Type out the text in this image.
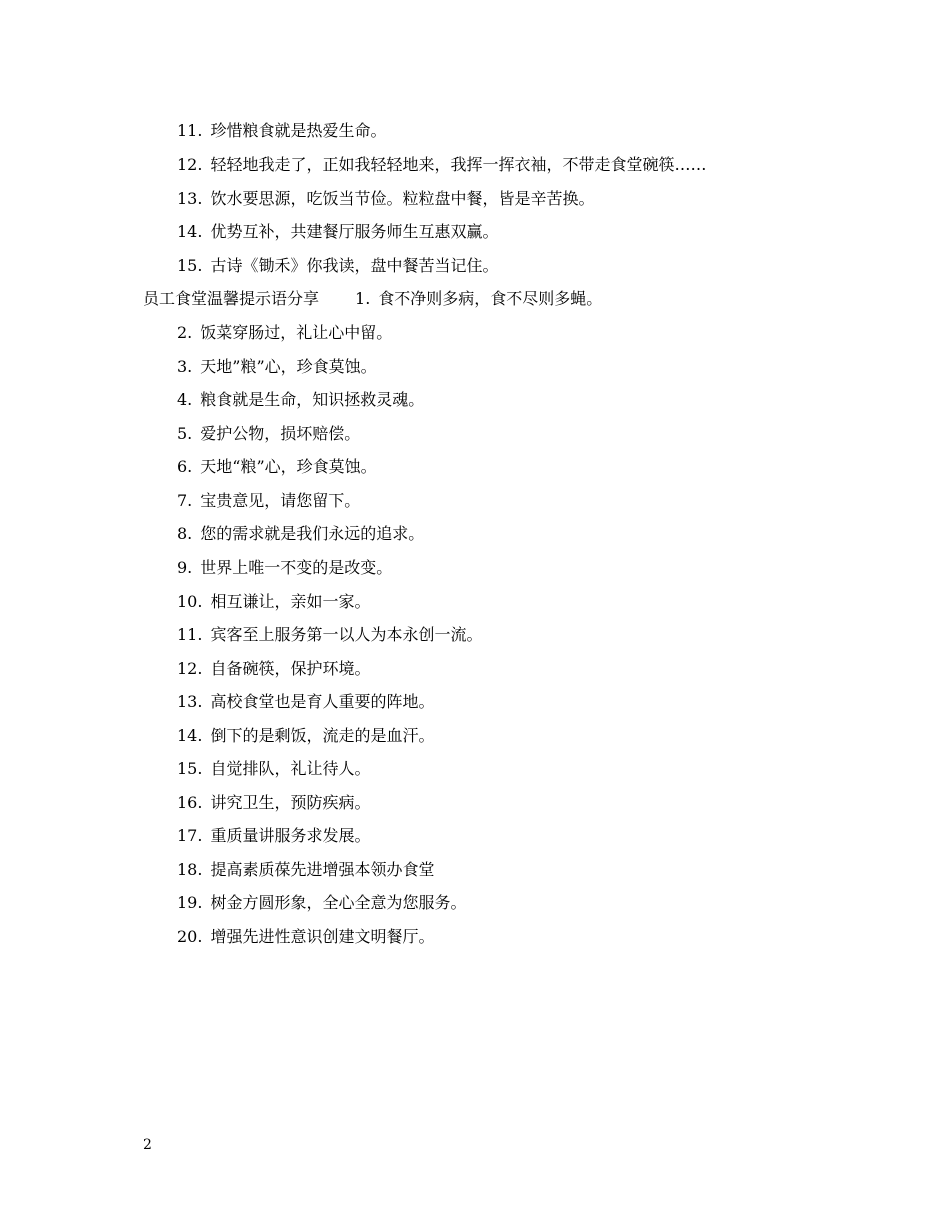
11. 珍惜粮食就是热爱生命。
12. 轻轻地我走了，正如我轻轻地来，我挥一挥衣袖，不带走食堂碗筷……
13. 饮水要思源，吃饭当节俭。粒粒盘中餐，皆是辛苦换。
14. 优势互补，共建餐厅服务师生互惠双赢。
15. 古诗《锄禾》你我读，盘中餐苦当记住。
员工食堂温馨提示语分享 1. 食不净则多病，食不尽则多蝇。
2. 饭菜穿肠过，礼让心中留。
3. 天地”粮”心，珍食莫蚀。
4. 粮食就是生命，知识拯救灵魂。
5. 爱护公物，损坏赔偿。
6. 天地“粮”心，珍食莫蚀。
7. 宝贵意见，请您留下。
8. 您的需求就是我们永远的追求。
9. 世界上唯一不变的是改变。
10. 相互谦让，亲如一家。
11. 宾客至上服务第一以人为本永创一流。
12. 自备碗筷，保护环境。
13. 高校食堂也是育人重要的阵地。
14. 倒下的是剩饭，流走的是血汗。
15. 自觉排队，礼让待人。
16. 讲究卫生，预防疾病。
17. 重质量讲服务求发展。
18. 提高素质葆先进增强本领办食堂
19. 树金方圆形象，全心全意为您服务。
20. 增强先进性意识创建文明餐厅。
2
